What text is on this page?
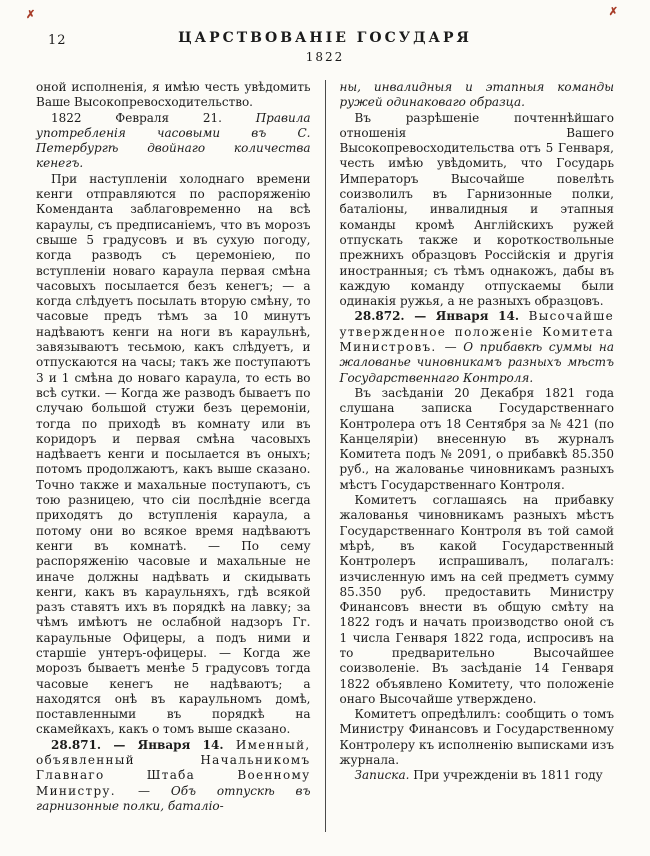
✗	✗
12	ЦАРСТВОВАНІЕ ГОСУДАРЯ
1822

оной исполненія, я имѣю честь увѣдомить Ваше Высокопревосходительство.

1822 Февраля 21. Правила употребленія часовыми въ С. Петербургѣ двойнаго количества кенегъ.

При наступленіи холоднаго времени кенги отправляются по распоряженію Коменданта заблаговременно на всѣ караулы, съ предписаніемъ, что въ морозъ свыше 5 градусовъ и въ сухую погоду, когда разводъ съ церемоніею, по вступленіи новаго караула первая смѣна часовыхъ посылается безъ кенегъ; — а когда слѣдуетъ посылать вторую смѣну, то часовые предъ тѣмъ за 10 минутъ надѣваютъ кенги на ноги въ караульнѣ, завязываютъ тесьмою, какъ слѣдуетъ, и отпускаются на часы; такъ же поступаютъ 3 и 1 смѣна до новаго караула, то есть во всѣ сутки. — Когда же разводъ бываетъ по случаю большой стужи безъ церемоніи, тогда по приходѣ въ комнату или въ коридоръ и первая смѣна часовыхъ надѣваетъ кенги и посылается въ оныхъ; потомъ продолжаютъ, какъ выше сказано. Точно также и махальные поступаютъ, съ тою разницею, что сіи послѣдніе всегда приходятъ до вступленія караула, а потому они во всякое время надѣваютъ кенги въ комнатѣ. — По сему распоряженію часовые и махальные не иначе должны надѣвать и скидывать кенги, какъ въ караульняхъ, гдѣ всякой разъ ставятъ ихъ въ порядкѣ на лавку; за чѣмъ имѣютъ не ослабной надзоръ Гг. караульные Офицеры, а подъ ними и старшіе унтеръ-офицеры. — Когда же морозъ бываетъ менѣе 5 градусовъ тогда часовые кенегъ не надѣваютъ; а находятся онѣ въ караульномъ домѣ, поставленными въ порядкѣ на скамейкахъ, какъ о томъ выше сказано.

28.871. — Января 14. Именный, объявленный Начальникомъ Главнаго Штаба Военному Министру. — Объ отпускѣ въ гарнизонные полки, баталіо-

ны, инвалидныя и этапныя команды ружей одинаковаго образца.

Въ разрѣшеніе почтеннѣйшаго отношенія Вашего Высокопревосходительства отъ 5 Генваря, честь имѣю увѣдомить, что Государь Императоръ Высочайше повелѣть соизволилъ въ Гарнизонные полки, баталіоны, инвалидныя и этапныя команды кромѣ Англійскихъ ружей отпускать также и короткоствольные прежнихъ образцовъ Россійскія и другія иностранныя; съ тѣмъ однакожъ, дабы въ каждую команду отпускаемы были одинакія ружья, а не разныхъ образцовъ.

28.872. — Января 14. Высочайше утвержденное положеніе Комитета Министровъ. — О прибавкѣ суммы на жалованье чиновникамъ разныхъ мѣстъ Государственнаго Контроля.

Въ засѣданіи 20 Декабря 1821 года слушана записка Государственнаго Контролера отъ 18 Сентября за № 421 (по Канцеляріи) внесенную въ журналъ Комитета подъ № 2091, о прибавкѣ 85.350 руб., на жалованье чиновникамъ разныхъ мѣстъ Государственнаго Контроля.

Комитетъ соглашаясь на прибавку жалованья чиновникамъ разныхъ мѣстъ Государственнаго Контроля въ той самой мѣрѣ, въ какой Государственный Контролеръ испрашивалъ, полагалъ: изчисленную имъ на сей предметъ сумму 85.350 руб. предоставить Министру Финансовъ внести въ общую смѣту на 1822 годъ и начать производство оной съ 1 числа Генваря 1822 года, испросивъ на то предварительно Высочайшее соизволеніе. Въ засѣданіе 14 Генваря 1822 объявлено Комитету, что положеніе онаго Высочайше утверждено.

Комитетъ опредѣлилъ: сообщить о томъ Министру Финансовъ и Государственному Контролеру къ исполненію выписками изъ журнала.

Записка. При учрежденіи въ 1811 году
